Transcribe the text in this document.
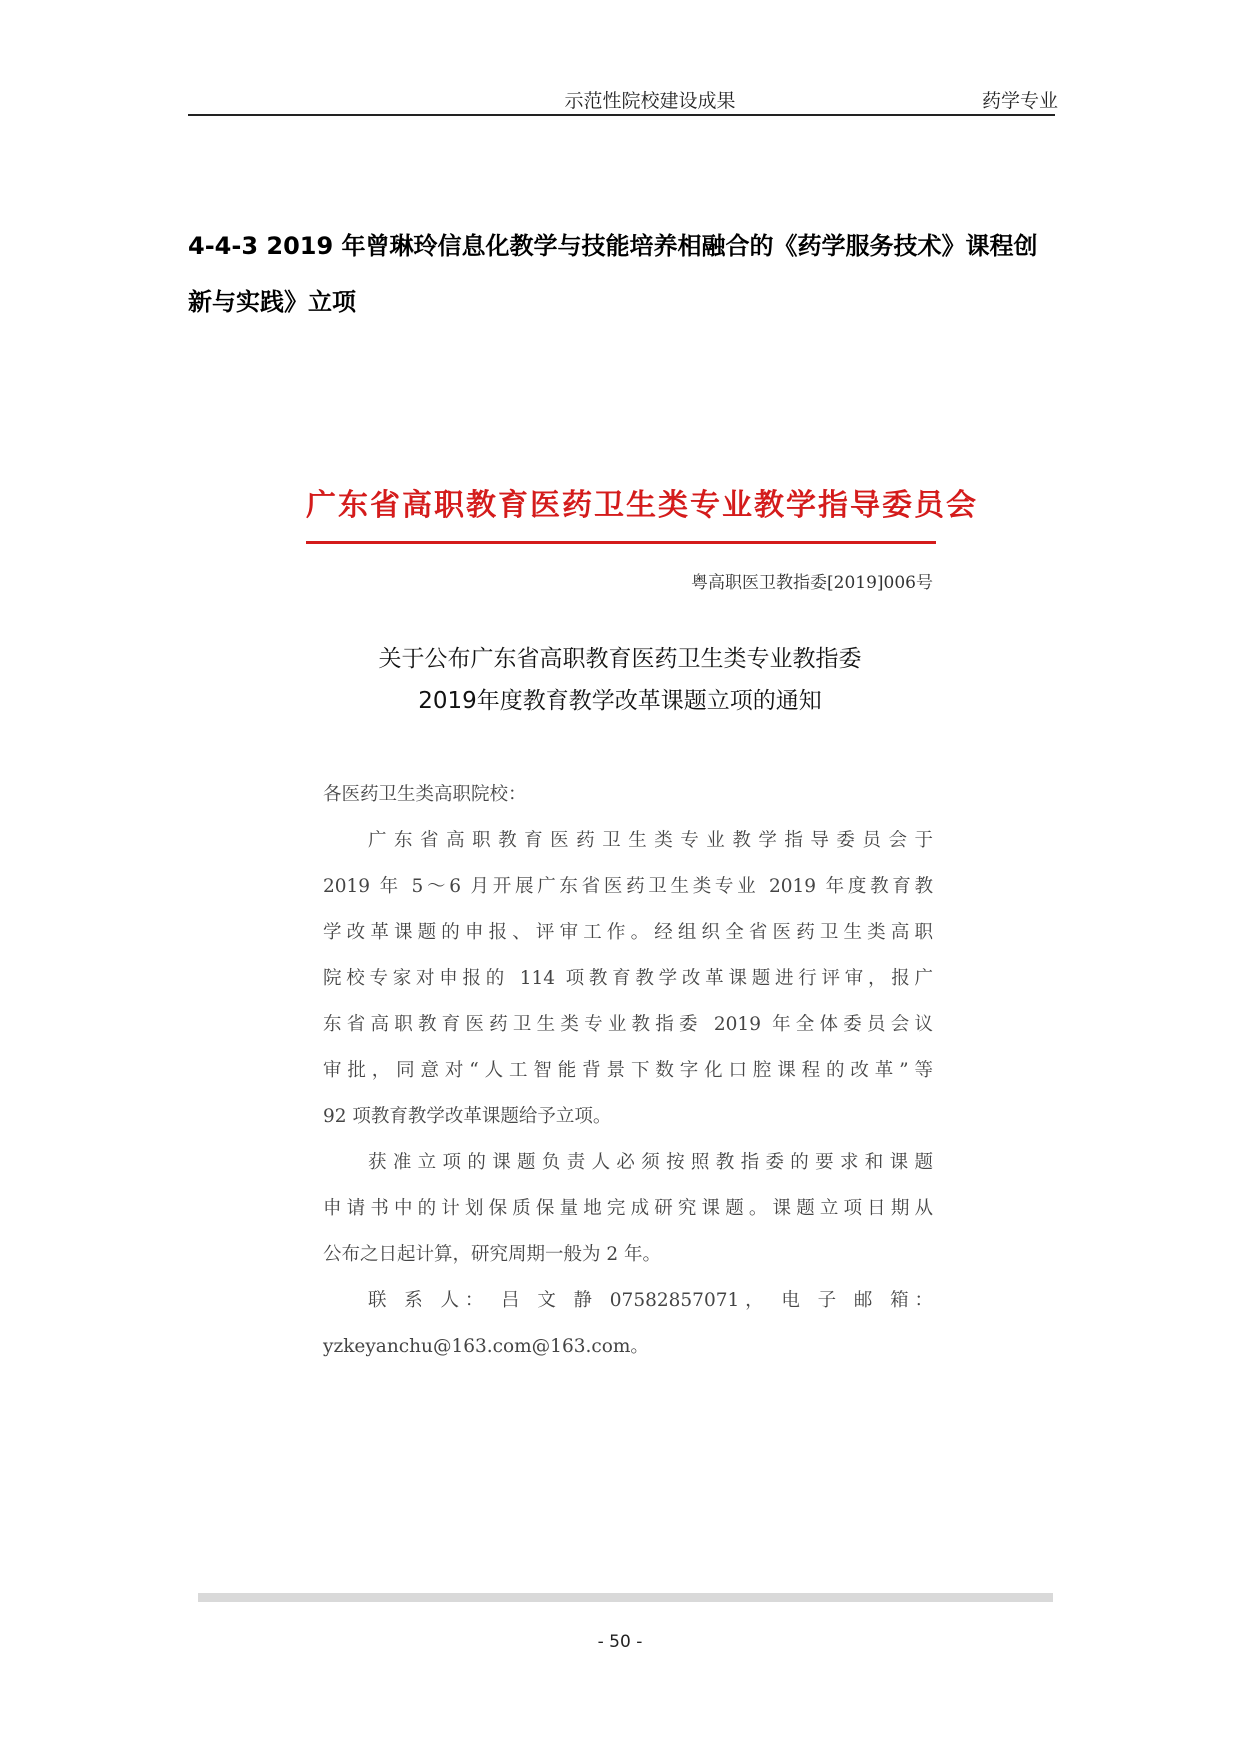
示范性院校建设成果	药学专业
4-4-3 2019 年曾琳玲信息化教学与技能培养相融合的《药学服务技术》课程创新与实践》立项
广东省高职教育医药卫生类专业教学指导委员会
粤高职医卫教指委[2019]006号
关于公布广东省高职教育医药卫生类专业教指委
2019年度教育教学改革课题立项的通知
各医药卫生类高职院校：
广东省高职教育医药卫生类专业教学指导委员会于
2019 年 5～6 月开展广东省医药卫生类专业 2019 年度教育教
学改革课题的申报、评审工作。经组织全省医药卫生类高职
院校专家对申报的 114 项教育教学改革课题进行评审，报广
东省高职教育医药卫生类专业教指委 2019 年全体委员会议
审批，同意对“人工智能背景下数字化口腔课程的改革”等
92 项教育教学改革课题给予立项。
获准立项的课题负责人必须按照教指委的要求和课题
申请书中的计划保质保量地完成研究课题。课题立项日期从
公布之日起计算，研究周期一般为 2 年。
联 系 人： 吕 文 静 07582857071， 电 子 邮 箱：
yzkeyanchu@163.com@163.com。
- 50 -
